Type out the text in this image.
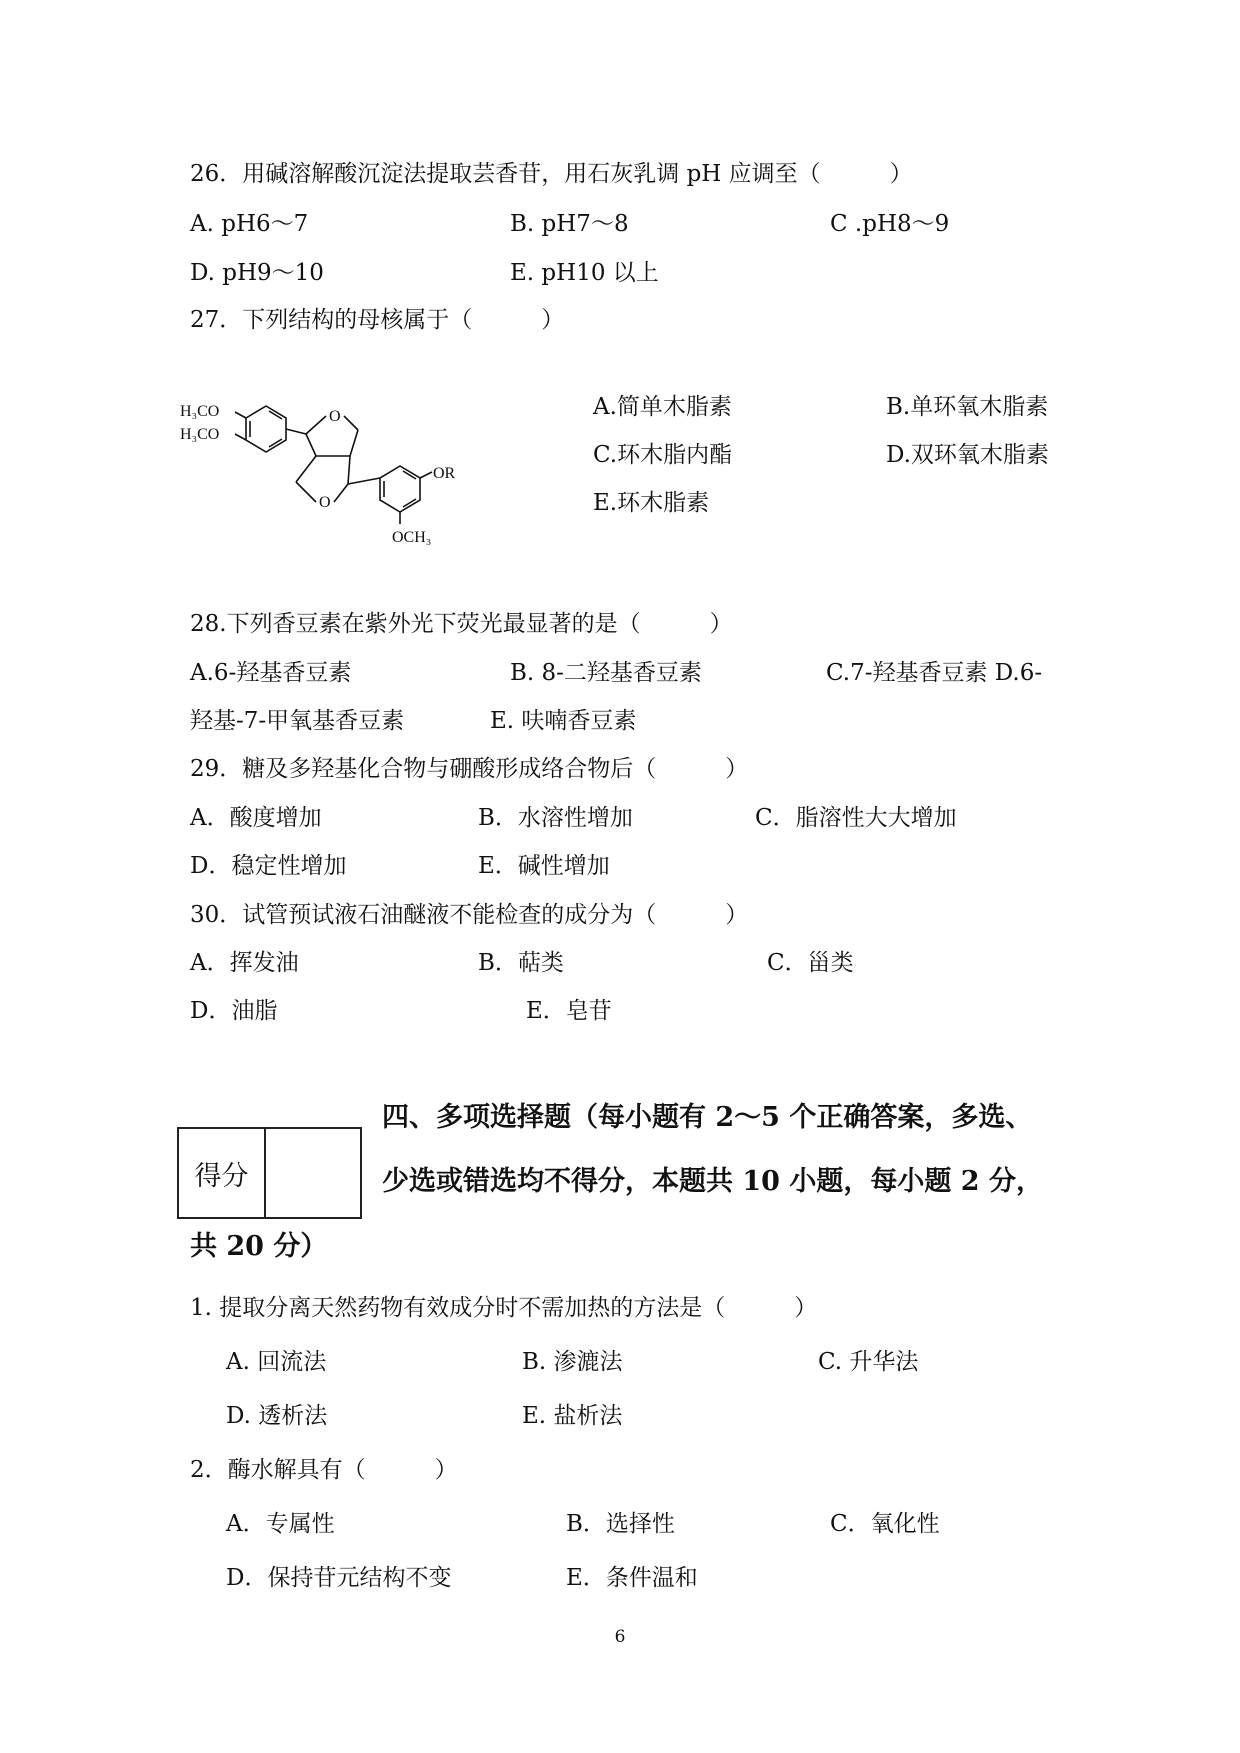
26．用碱溶解酸沉淀法提取芸香苷，用石灰乳调 pH 应调至（　　　）
A. pH6～7	B. pH7～8	C .pH8～9
D. pH9～10	E. pH10 以上
27．下列结构的母核属于（　　　）
H₃CO
H₃CO
O
O
OR
OCH₃
A.简单木脂素	B.单环氧木脂素
C.环木脂内酯	D.双环氧木脂素
E.环木脂素
28.下列香豆素在紫外光下荧光最显著的是（　　　）
A.6-羟基香豆素	B. 8-二羟基香豆素	C.7-羟基香豆素 D.6-
羟基-7-甲氧基香豆素	E. 呋喃香豆素
29．糖及多羟基化合物与硼酸形成络合物后（　　　）
A．酸度增加	B．水溶性增加	C．脂溶性大大增加
D．稳定性增加	E．碱性增加
30．试管预试液石油醚液不能检查的成分为（　　　）
A．挥发油	B．萜类	C．甾类
D．油脂	E．皂苷
得分
四、多项选择题（每小题有 2～5 个正确答案，多选、
少选或错选均不得分，本题共 10 小题，每小题 2 分，
共 20 分）
1. 提取分离天然药物有效成分时不需加热的方法是（　　　）
A. 回流法	B. 渗漉法	C. 升华法
D. 透析法	E. 盐析法
2．酶水解具有（　　　）
A．专属性	B．选择性	C．氧化性
D．保持苷元结构不变	E．条件温和
6
